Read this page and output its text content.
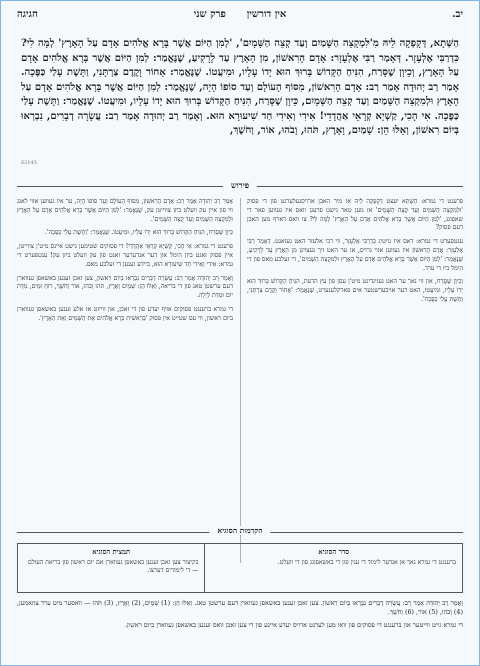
יב.
אין דורשין      פרק שני
חגיגה
הַשְּׁתָא, דְּקָפְקָה לֵיהּ מִ'לִּמְקָצֵה הַשָּׁמַיִם וְעַד קְצֵה הַשָּׁמָיִם', 'לְמִן הַיּוֹם אֲשֶׁר בָּרָא אֱלֹהִים אָדָם עַל הָאָרֶץ' לְמָּה לִי? כִּדְרַבִּי אֶלְעָזָר. דְּאָמַר רַבִּי אֶלְעָזָר: אָדָם הָרִאשׁוֹן, מִן הָאָרֶץ עַד לָרָקִיעַ, שֶׁנֶּאֱמַר: לְמִן הַיּוֹם אֲשֶׁר בָּרָא אֱלֹהִים אָדָם עַל הָאָרֶץ, וְכֵיוָן שֶׁסָּרַח, הִנִּיחַ הַקָּדוֹשׁ בָּרוּךְ הוּא יָדוֹ עָלָיו, וּמִיעֲטוֹ. שֶׁנֶּאֱמַר: אָחוֹר וָקֶדֶם צַרְתָּנִי, וַתָּשֶׁת עָלַי כַּפֶּכָה. אָמַר רַב יְהוּדָה אָמַר רַב: אָדָם הָרִאשׁוֹן, מִסּוֹף הָעוֹלָם וְעַד סוֹפוֹ הָיָה, שֶׁנֶּאֱמַר: לְמִן הַיּוֹם אֲשֶׁר בָּרָא אֱלֹהִים אָדָם עַל הָאָרֶץ וּלְמִקְצֵה הַשָּׁמַיִם וְעַד קְצֵה הַשָּׁמָיִם, כֵּיוָן שֶׁסָּרַח, הִנִּיחַ הַקָּדוֹשׁ בָּרוּךְ הוּא יָדוֹ עָלָיו, וּמִיעֲטוֹ. שֶׁנֶּאֱמַר: וַתָּשֶׁת עָלַי כַּפֶּכָה. אִי הָכִי, קַשְׁיָא קְרָאֵי אַהֲדָדֵי! אִידִי וְאִידִי חַד שִׁיעוּרָא הוּא. וְאָמַר רַב יְהוּדָה אָמַר רַב: עֲשָׂרָה דְבָרִים, נִבְרְאוּ בְּיוֹם רִאשׁוֹן, וְאֵלּוּ הֵן: שָׁמַיִם, וָאָרֶץ, תֹּהוּ, וָבֹהוּ, אוֹר, וְחֹשֶׁךְ,
63145
פירוש

פרעגט די גמרא: הַשְׁתָּא יעצט דְּקָפְקָה לֵיהּ אז מיר האבן ארויסגעלערנט פון די פסוק 'וּלְמִקְצֵה הַשָּׁמַיִם וְעַד קְצֵה הַשָּׁמָיִם' אז מען טאר נישט פרעגן וואס איז געווען פאר די שאפונג, 'לְמִן הַיּוֹם אֲשֶׁר בָּרָא אֱלֹהִים אָדָם עַל הָאָרֶץ' לָמָּה לִי? צו וואס דארף מען האבן דעם פסוק?

ענטפערט די גמרא: דאס איז נויטיג כִּדְרַבִּי אֶלְעָזָר, ווי רבי אלעזר האט געזאגט. דְּאָמַר רַבִּי אֶלְעָזָר: אָדָם הָרִאשׁוֹן איז געווען אזוי גרויס, אז ער האט זיך געצויגן מִן הָאָרֶץ עַד לָרָקִיעַ, שֶׁנֶּאֱמַר: 'לְמִן הַיּוֹם אֲשֶׁר בָּרָא אֱלֹהִים אָדָם עַל הָאָרֶץ וּלְמִקְצֵה הַשָּׁמַיִם', די זעלבע מאס פון די הימל ביז די ערד.

וְכֵיוָן שֶׁסָּרַח, און ווי נאר ער האט געזינדיגט מיט'ן עסן פון עץ הדעת, הִנִּיחַ הַקָּדוֹשׁ בָּרוּךְ הוּא יָדוֹ עָלָיו, וּמִיעֲטוֹ, האט דער אויבערשטער אים פארקלענערט, שֶׁנֶּאֱמַר: 'אָחוֹר וָקֶדֶם צַרְתָּנִי, וַתָּשֶׁת עָלַי כַּפֶּכָה'.

אָמַר רַב יְהוּדָה אָמַר רַב: אָדָם הָרִאשׁוֹן, מִסּוֹף הָעוֹלָם וְעַד סוֹפוֹ הָיָה, ער איז געווען אזוי לאנג ווי פון איין עק וועלט ביזן צווייטן עק, שֶׁנֶּאֱמַר: 'לְמִן הַיּוֹם אֲשֶׁר בָּרָא אֱלֹהִים אָדָם עַל הָאָרֶץ וּלְמִקְצֵה הַשָּׁמַיִם וְעַד קְצֵה הַשָּׁמָיִם'.

כֵּיוָן שֶׁסָּרַח, הִנִּיחַ הַקָּדוֹשׁ בָּרוּךְ הוּא יָדוֹ עָלָיו, וּמִיעֲטוֹ. שֶׁנֶּאֱמַר: 'וַתָּשֶׁת עָלַי כַּפֶּכָה'.

פרעגט די גמרא: אִי הָכִי, קַשְׁיָא קְרָאֵי אַהֲדָדֵי! די פסוקים שטימען נישט איינס מיט'ן צווייטן, איין פסוק זאגט ביזן הימל און דער אנדערער זאגט פון עק וועלט ביזן עק! ענטפערט די גמרא: אִידִי וְאִידִי חַד שִׁיעוּרָא הוּא, ביידע זענען די זעלבע מאס.

וְאָמַר רַב יְהוּדָה אָמַר רַב: עֲשָׂרָה דְבָרִים נִבְרְאוּ בְּיוֹם רִאשׁוֹן, צען זאכן זענען באשאפן געווארן דעם ערשטן טאג פון די בריאה, וְאֵלּוּ הֵן: שָׁמַיִם וָאָרֶץ, תֹּהוּ וָבֹהוּ, אוֹר וְחֹשֶׁךְ, רוּחַ וּמַיִם, מִדַּת יוֹם וּמִדַּת לַיְלָה.

די גמרא ברענגט פסוקים אויף יעדע פון די זאכן, און ווייזט אז אלע זענען באשאפן געווארן ביום ראשון, ווי עס שטייט אין פסוק 'בְּרֵאשִׁית בָּרָא אֱלֹהִים אֵת הַשָּׁמַיִם וְאֵת הָאָרֶץ'.

הקדמות הסוגיא
סדר הסוגיא
ברענגט די גמרא נאך אן אנדער לימוד די ענין פון די באשאפונג פון די וועלט.
תמצית הסוגיא
בקיצור צען זאכן זענען באשאפן געווארן אם יום ראשון פון בריאת העולם — די לימודים דערצו.

וְאָמַר רַב יְהוּדָה אָמַר רַב: עֲשָׂרָה דְבָרִים נִבְרְאוּ בְּיוֹם רִאשׁוֹן. צען זאכן זענען באשאפן געווארן דעם ערשטן טאג. וְאֵלּוּ הֵן: (1) שָׁמַיִם, (2) וָאָרֶץ, (3) תֹּהוּ — וואסער מיט ערד צוזאמען, (4) וָבֹהוּ, (5) אוֹר, (6) וְחֹשֶׁךְ.

די גמרא גייט ווייטער און ברענגט די פסוקים פון וואו מען לערנט ארויס יעדע איינע פון די צען זאכן וואס זענען באשאפן געווארן ביום ראשון.
